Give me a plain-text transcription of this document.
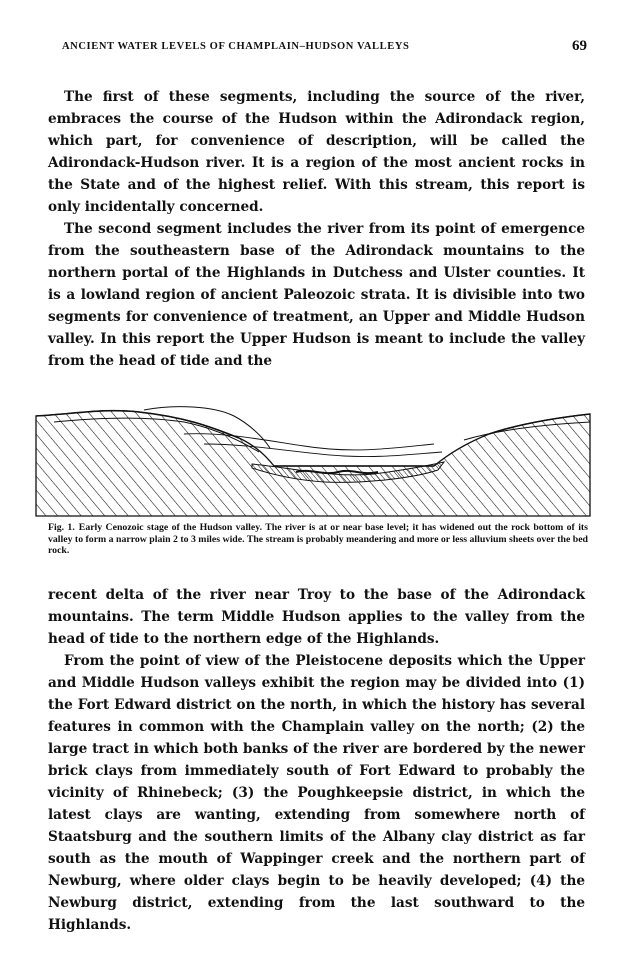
ANCIENT WATER LEVELS OF CHAMPLAIN–HUDSON VALLEYS	69

The first of these segments, including the source of the river, embraces the course of the Hudson within the Adirondack region, which part, for convenience of description, will be called the Adirondack-Hudson river. It is a region of the most ancient rocks in the State and of the highest relief. With this stream, this report is only incidentally concerned.

The second segment includes the river from its point of emergence from the southeastern base of the Adirondack mountains to the northern portal of the Highlands in Dutchess and Ulster counties. It is a lowland region of ancient Paleozoic strata. It is divisible into two segments for convenience of treatment, an Upper and Middle Hudson valley. In this report the Upper Hudson is meant to include the valley from the head of tide and the

Fig. 1. Early Cenozoic stage of the Hudson valley. The river is at or near base level; it has widened out the rock bottom of its valley to form a narrow plain 2 to 3 miles wide. The stream is probably meandering and more or less alluvium sheets over the bed rock.

recent delta of the river near Troy to the base of the Adirondack mountains. The term Middle Hudson applies to the valley from the head of tide to the northern edge of the Highlands.

From the point of view of the Pleistocene deposits which the Upper and Middle Hudson valleys exhibit the region may be divided into (1) the Fort Edward district on the north, in which the history has several features in common with the Champlain valley on the north; (2) the large tract in which both banks of the river are bordered by the newer brick clays from immediately south of Fort Edward to probably the vicinity of Rhinebeck; (3) the Poughkeepsie district, in which the latest clays are wanting, extending from somewhere north of Staatsburg and the southern limits of the Albany clay district as far south as the mouth of Wappinger creek and the northern part of Newburg, where older clays begin to be heavily developed; (4) the Newburg district, extending from the last southward to the Highlands.
